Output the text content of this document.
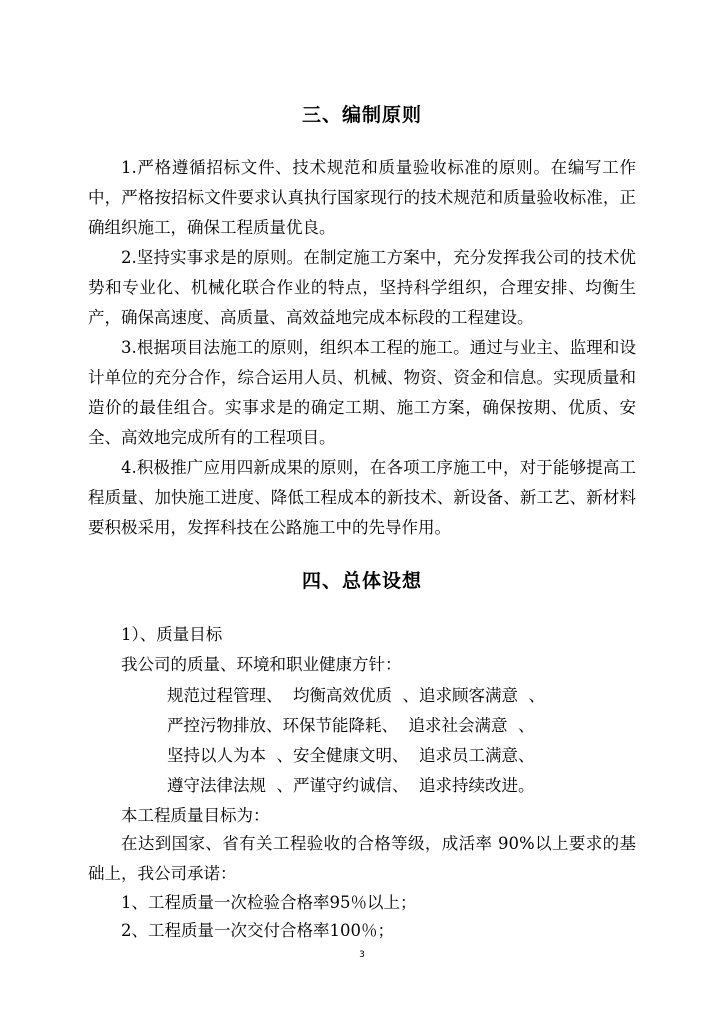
三、编制原则

1.严格遵循招标文件、技术规范和质量验收标准的原则。在编写工作中，严格按招标文件要求认真执行国家现行的技术规范和质量验收标准，正确组织施工，确保工程质量优良。

2.坚持实事求是的原则。在制定施工方案中，充分发挥我公司的技术优势和专业化、机械化联合作业的特点，坚持科学组织，合理安排、均衡生产，确保高速度、高质量、高效益地完成本标段的工程建设。

3.根据项目法施工的原则，组织本工程的施工。通过与业主、监理和设计单位的充分合作，综合运用人员、机械、物资、资金和信息。实现质量和造价的最佳组合。实事求是的确定工期、施工方案，确保按期、优质、安全、高效地完成所有的工程项目。

4.积极推广应用四新成果的原则，在各项工序施工中，对于能够提高工程质量、加快施工进度、降低工程成本的新技术、新设备、新工艺、新材料要积极采用，发挥科技在公路施工中的先导作用。

四、总体设想
1）、质量目标
我公司的质量、环境和职业健康方针：
规范过程管理、  均衡高效优质  、追求顾客满意  、
严控污物排放、环保节能降耗、  追求社会满意  、
坚持以人为本  、安全健康文明、  追求员工满意、
遵守法律法规  、严谨守约诚信、  追求持续改进。
本工程质量目标为：

在达到国家、省有关工程验收的合格等级，成活率 90%以上要求的基础上，我公司承诺：

1、工程质量一次检验合格率95％以上；
2、工程质量一次交付合格率100％；
3
